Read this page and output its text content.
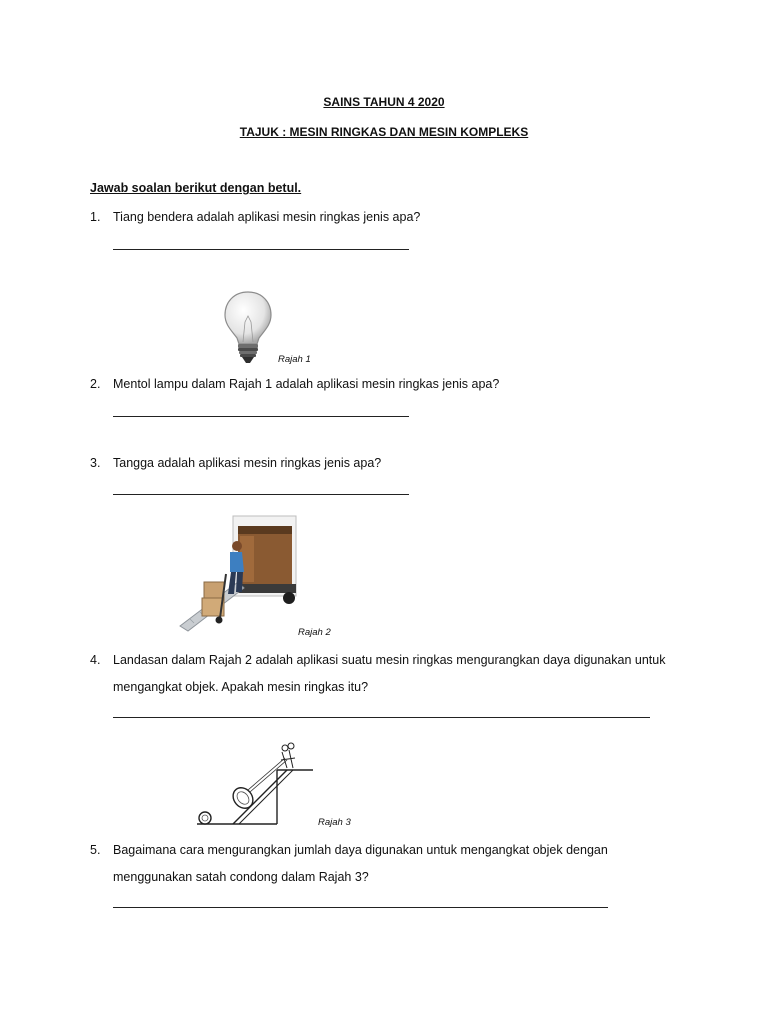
SAINS TAHUN 4 2020
TAJUK : MESIN RINGKAS DAN MESIN KOMPLEKS
Jawab soalan berikut dengan betul.
1.	Tiang bendera adalah aplikasi mesin ringkas jenis apa?
Rajah 1
2.	Mentol lampu dalam Rajah 1 adalah aplikasi mesin ringkas jenis apa?
3.	Tangga adalah aplikasi mesin ringkas jenis apa?
Rajah 2
4.	Landasan dalam Rajah 2 adalah aplikasi suatu mesin ringkas mengurangkan daya digunakan untuk
mengangkat objek. Apakah mesin ringkas itu?
Rajah 3
5.	Bagaimana cara mengurangkan jumlah daya digunakan untuk mengangkat objek dengan
menggunakan satah condong dalam Rajah 3?
